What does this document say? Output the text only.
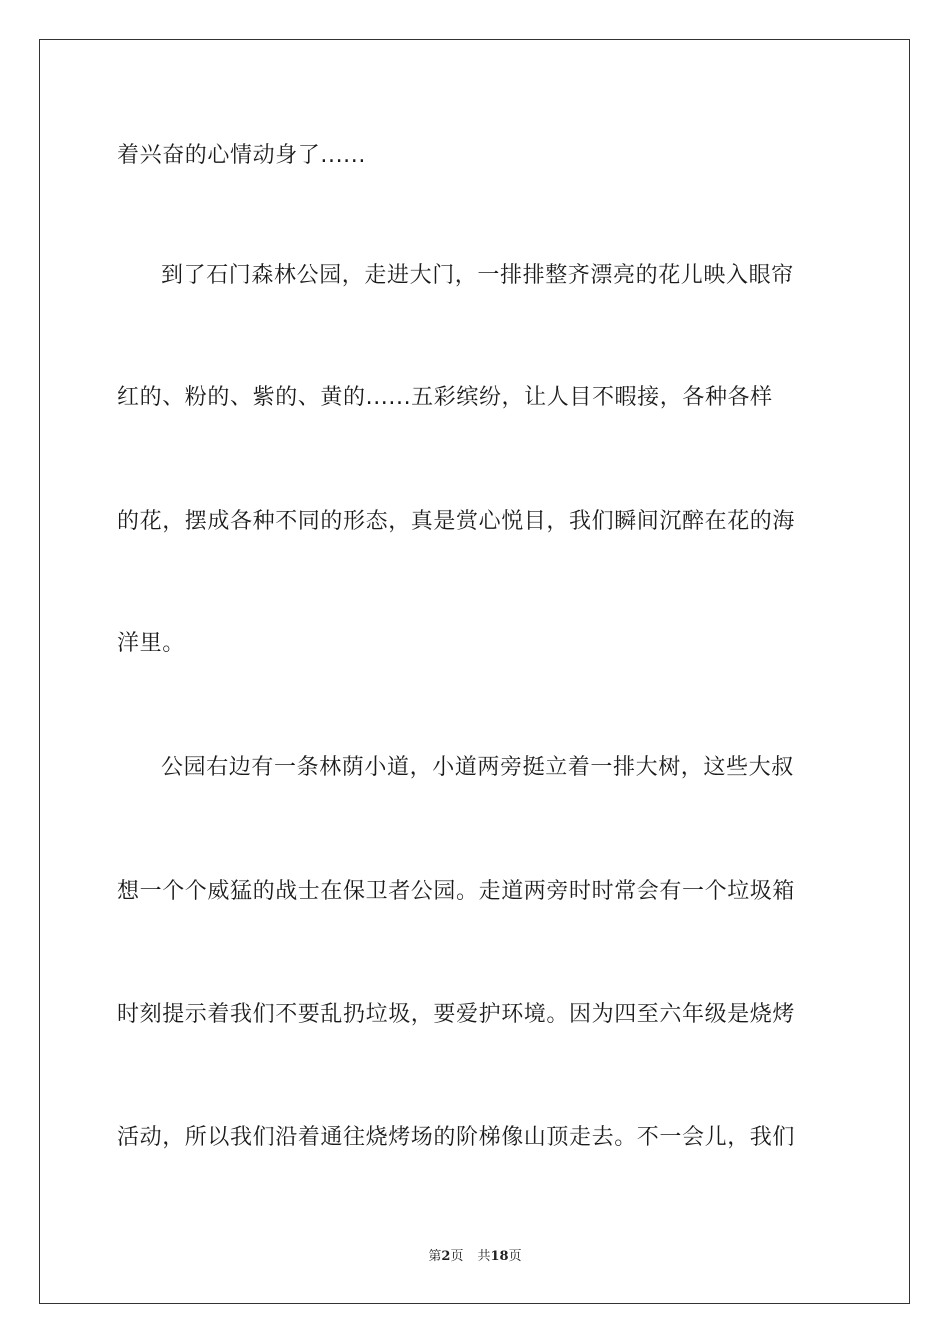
着兴奋的心情动身了......
到了石门森林公园，走进大门，一排排整齐漂亮的花儿映入眼帘
红的、粉的、紫的、黄的......五彩缤纷，让人目不暇接，各种各样
的花，摆成各种不同的形态，真是赏心悦目，我们瞬间沉醉在花的海
洋里。
公园右边有一条林荫小道，小道两旁挺立着一排大树，这些大叔
想一个个威猛的战士在保卫者公园。走道两旁时时常会有一个垃圾箱
时刻提示着我们不要乱扔垃圾，要爱护环境。因为四至六年级是烧烤
活动，所以我们沿着通往烧烤场的阶梯像山顶走去。不一会儿，我们
第2页 共18页
